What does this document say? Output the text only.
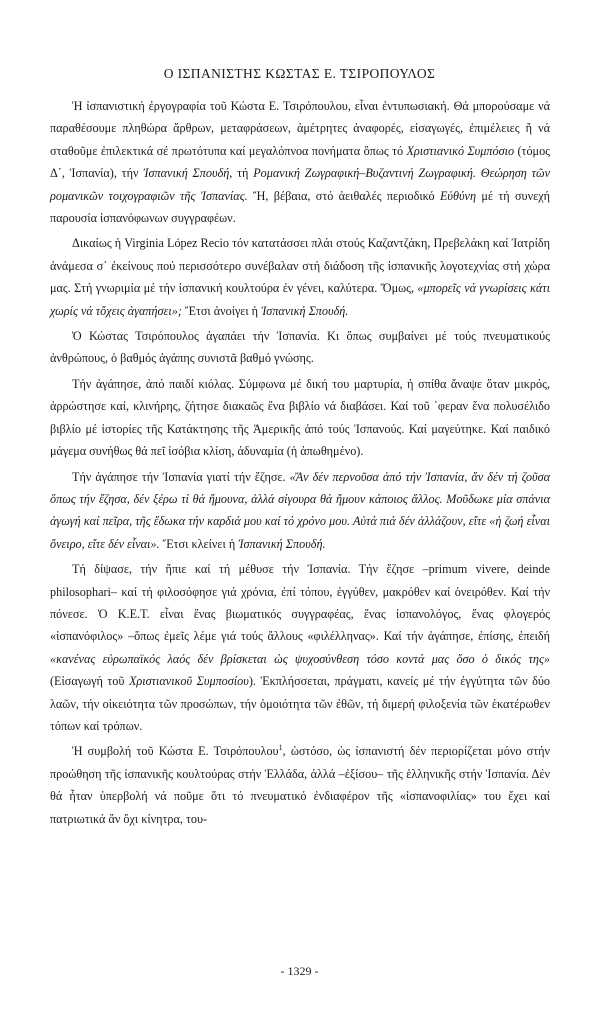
Ο ΙΣΠΑΝΙΣΤΗΣ ΚΩΣΤΑΣ Ε. ΤΣΙΡΟΠΟΥΛΟΣ

Ἡ ἰσπανιστική ἐργογραφία τοῦ Κώστα Ε. Τσιρόπουλου, εἶναι ἐντυπωσιακή. Θά μπορούσαμε νά παραθέσουμε πληθώρα ἄρθρων, μεταφράσεων, ἀμέτρητες ἀναφορές, εἰσαγωγές, ἐπιμέλειες ἤ νά σταθοῦμε ἐπιλεκτικά σέ πρωτότυπα καί μεγαλόπνοα πονήματα ὅπως τό Χριστιανικό Συμπόσιο (τόμος Δ΄, Ἰσπανία), τήν Ἰσπανική Σπουδή, τή Ρομανική Ζωγραφική–Βυζαντινή Ζωγραφική. Θεώρηση τῶν ρομανικῶν τοιχογραφιῶν τῆς Ἰσπανίας. Ἤ, βέβαια, στό ἀειθαλές περιοδικό Εὐθύνη μέ τή συνεχή παρουσία ἰσπανόφωνων συγγραφέων.

Δικαίως ἡ Virginia López Recio τόν κατατάσσει πλάι στούς Καζαντζάκη, Πρεβελάκη καί Ἰατρίδη ἀνάμεσα σ᾽ ἐκείνους πού περισσότερο συνέβαλαν στή διάδοση τῆς ἰσπανικῆς λογοτεχνίας στή χώρα μας. Στή γνωριμία μέ τήν ἰσπανική κουλτούρα ἐν γένει, καλύτερα. Ὅμως, «μπορεῖς νά γνωρίσεις κάτι χωρίς νά τὄχεις ἀγαπήσει»; Ἔτσι ἀνοίγει ἡ Ἰσπανική Σπουδή.

Ὁ Κώστας Τσιρόπουλος ἀγαπάει τήν Ἰσπανία. Κι ὅπως συμβαίνει μέ τούς πνευματικούς ἀνθρώπους, ὁ βαθμός ἀγάπης συνιστᾶ βαθμό γνώσης.

Τήν ἀγάπησε, ἀπό παιδί κιόλας. Σύμφωνα μέ δική του μαρτυρία, ἡ σπίθα ἄναψε ὅταν μικρός, ἀρρώστησε καί, κλινήρης, ζήτησε διακαῶς ἕνα βιβλίο νά διαβάσει. Καί τοῦ ᾽φεραν ἕνα πολυσέλιδο βιβλίο μέ ἱστορίες τῆς Κατάκτησης τῆς Ἀμερικῆς ἀπό τούς Ἰσπανούς. Καί μαγεύτηκε. Καί παιδικό μάγεμα συνήθως θά πεῖ ἰσόβια κλίση, ἀδυναμία (ἡ ἀπωθημένο).

Τήν ἀγάπησε τήν Ἰσπανία γιατί τήν ἔζησε. «Ἄν δέν περνοῦσα ἀπό τήν Ἰσπανία, ἄν δέν τή ζοῦσα ὅπως τήν ἔζησα, δέν ξέρω τί θά ἤμουνα, ἀλλά σίγουρα θά ἤμουν κάποιος ἄλλος. Μοῦδωκε μία σπάνια ἀγωγή καί πεῖρα, τῆς ἔδωκα τήν καρδιά μου καί τό χρόνο μου. Αὐτά πιά δέν ἀλλάζουν, εἴτε «ἡ ζωή εἶναι ὄνειρο, εἴτε δέν εἶναι». Ἔτσι κλείνει ἡ Ἰσπανική Σπουδή.

Τή δίψασε, τήν ἤπιε καί τή μέθυσε τήν Ἰσπανία. Τήν ἔζησε –primum vivere, deinde philosophari– καί τή φιλοσόφησε γιά χρόνια, ἐπί τόπου, ἐγγύθεν, μακρόθεν καί ὀνειρόθεν. Καί τήν πόνεσε. Ὁ Κ.Ε.Τ. εἶναι ἕνας βιωματικός συγγραφέας, ἕνας ἰσπανολόγος, ἕνας φλογερός «ἰσπανόφιλος» –ὅπως ἐμεῖς λέμε γιά τούς ἄλλους «φιλέλληνας». Καί τήν ἀγάπησε, ἐπίσης, ἐπειδή «κανένας εὐρωπαϊκός λαός δέν βρίσκεται ὡς ψυχοσύνθεση τόσο κοντά μας ὅσο ὁ δικός της» (Εἰσαγωγή τοῦ Χριστιανικοῦ Συμποσίου). Ἐκπλήσσεται, πράγματι, κανείς μέ τήν ἐγγύτητα τῶν δύο λαῶν, τήν οἰκειότητα τῶν προσώπων, τήν ὁμοιότητα τῶν ἐθῶν, τή διμερή φιλοξενία τῶν ἑκατέρωθεν τόπων καί τρόπων.

Ἡ συμβολή τοῦ Κώστα Ε. Τσιρόπουλου$^1$, ὡστόσο, ὡς ἰσπανιστή δέν περιορίζεται μόνο στήν προώθηση τῆς ἰσπανικῆς κουλτούρας στήν Ἑλλάδα, ἀλλά –ἐξίσου– τῆς ἑλληνικῆς στήν Ἰσπανία. Δέν θά ἦταν ὑπερβολή νά ποῦμε ὅτι τό πνευματικό ἐνδιαφέρον τῆς «ἰσπανοφιλίας» του ἔχει καί πατριωτικά ἄν ὄχι κίνητρα, του-

- 1329 -
